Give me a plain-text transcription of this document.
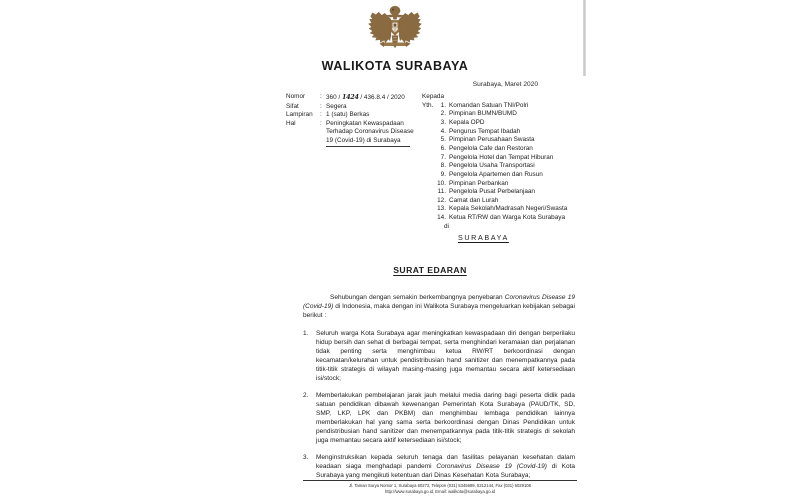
WALIKOTA SURABAYA
Surabaya, Maret 2020
Nomor	: 360 / 1424 / 436.8.4 / 2020
Sifat	: Segera
Lampiran	: 1 (satu) Berkas
Hal	: Peningkatan Kewaspadaan
Terhadap Coronavirus Disease
19 (Covid-19) di Surabaya
Kepada
Yth.	1. Komandan Satuan TNI/Polri
2. Pimpinan BUMN/BUMD
3. Kepala OPD
4. Pengurus Tempat Ibadah
5. Pimpinan Perusahaan Swasta
6. Pengelola Cafe dan Restoran
7. Pengelola Hotel dan Tempat Hiburan
8. Pengelola Usaha Transportasi
9. Pengelola Apartemen dan Rusun
10. Pimpinan Perbankan
11. Pengelola Pusat Perbelanjaan
12. Camat dan Lurah
13. Kepala Sekolah/Madrasah Negeri/Swasta
14. Ketua RT/RW dan Warga Kota Surabaya
di
SURABAYA
SURAT EDARAN

Sehubungan dengan semakin berkembangnya penyebaran Coronavirus Disease 19 (Covid-19) di Indonesia, maka dengan ini Walikota Surabaya mengeluarkan kebijakan sebagai berikut :

1.	Seluruh warga Kota Surabaya agar meningkatkan kewaspadaan diri dengan berperilaku hidup bersih dan sehat di berbagai tempat, serta menghindari keramaian dan perjalanan tidak penting serta menghimbau ketua RW/RT berkoordinasi dengan kecamatan/kelurahan untuk pendistribusian hand sanitizer dan menempatkannya pada titik-titik strategis di wilayah masing-masing juga memantau secara aktif ketersediaan isi/stock;
2.	Memberlakukan pembelajaran jarak jauh melalui media daring bagi peserta didik pada satuan pendidikan dibawah kewenangan Pemerintah Kota Surabaya (PAUD/TK, SD, SMP, LKP, LPK dan PKBM) dan menghimbau lembaga pendidikan lainnya memberlakukan hal yang sama serta berkoordinasi dengan Dinas Pendidikan untuk pendistribusian hand sanitizer dan menempatkannya pada titik-titik strategis di sekolah juga memantau secara aktif ketersediaan isi/stock;
3.	Menginstruksikan kepada seluruh tenaga dan fasilitas pelayanan kesehatan dalam keadaan siaga menghadapi pandemi Coronavirus Disease 19 (Covid-19) di Kota Surabaya yang mengikuti ketentuan dari Dinas Kesehatan Kota Surabaya;
Jl. Taman Surya Nomor 1, Surabaya 60272, Telepon (031) 5345689, 5312144, Fax (031) 5029108
http://www.surabaya.go.id, Email: walikota@surabaya.go.id
